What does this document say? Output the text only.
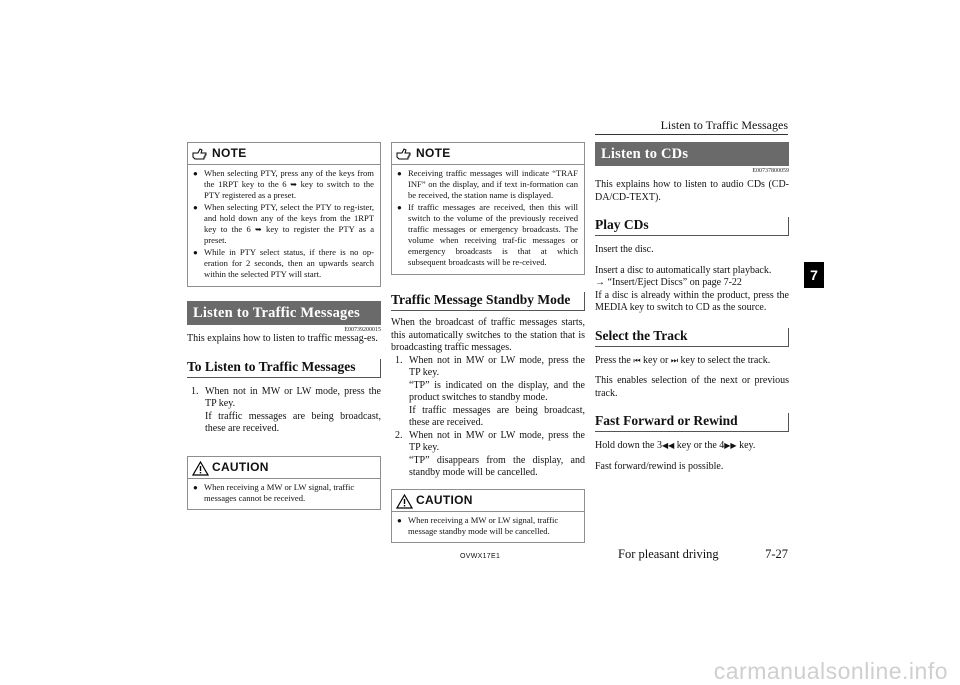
Listen to Traffic Messages
NOTE
● When selecting PTY, press any of the keys from the 1RPT key to the 6 ➥ key to switch to the PTY registered as a preset.
● When selecting PTY, select the PTY to reg-ister, and hold down any of the keys from the 1RPT key to the 6 ➥ key to register the PTY as a preset.
● While in PTY select status, if there is no op-eration for 2 seconds, then an upwards search within the selected PTY will start.
Listen to Traffic Messages
E00739200015

This explains how to listen to traffic messag-es.

To Listen to Traffic Messages
1. When not in MW or LW mode, press the TP key.
If traffic messages are being broadcast, these are received.
CAUTION
● When receiving a MW or LW signal, traffic messages cannot be received.
NOTE
● Receiving traffic messages will indicate “TRAF INF” on the display, and if text in-formation can be received, the station name is displayed.
● If traffic messages are received, then this will switch to the volume of the previously received traffic messages or emergency broadcasts. The volume when receiving traf-fic messages or emergency broadcasts is that at which subsequent broadcasts will be re-ceived.
Traffic Message Standby Mode

When the broadcast of traffic messages starts, this automatically switches to the station that is broadcasting traffic messages.

1. When not in MW or LW mode, press the TP key.
“TP” is indicated on the display, and the product switches to standby mode.
If traffic messages are being broadcast, these are received.
2. When not in MW or LW mode, press the TP key.
“TP” disappears from the display, and standby mode will be cancelled.
CAUTION
● When receiving a MW or LW signal, traffic message standby mode will be cancelled.
Listen to CDs
E00737800059

This explains how to listen to audio CDs (CD-DA/CD-TEXT).

Play CDs

Insert the disc.

Insert a disc to automatically start playback.

→ “Insert/Eject Discs” on page 7-22

If a disc is already within the product, press the MEDIA key to switch to CD as the source.

Select the Track

Press the ⏮ key or ⏭ key to select the track.

This enables selection of the next or previous track.

Fast Forward or Rewind

Hold down the 3◀◀ key or the 4▶▶ key.

Fast forward/rewind is possible.

7
OVWX17E1	For pleasant driving	7-27
carmanualsonline.info
